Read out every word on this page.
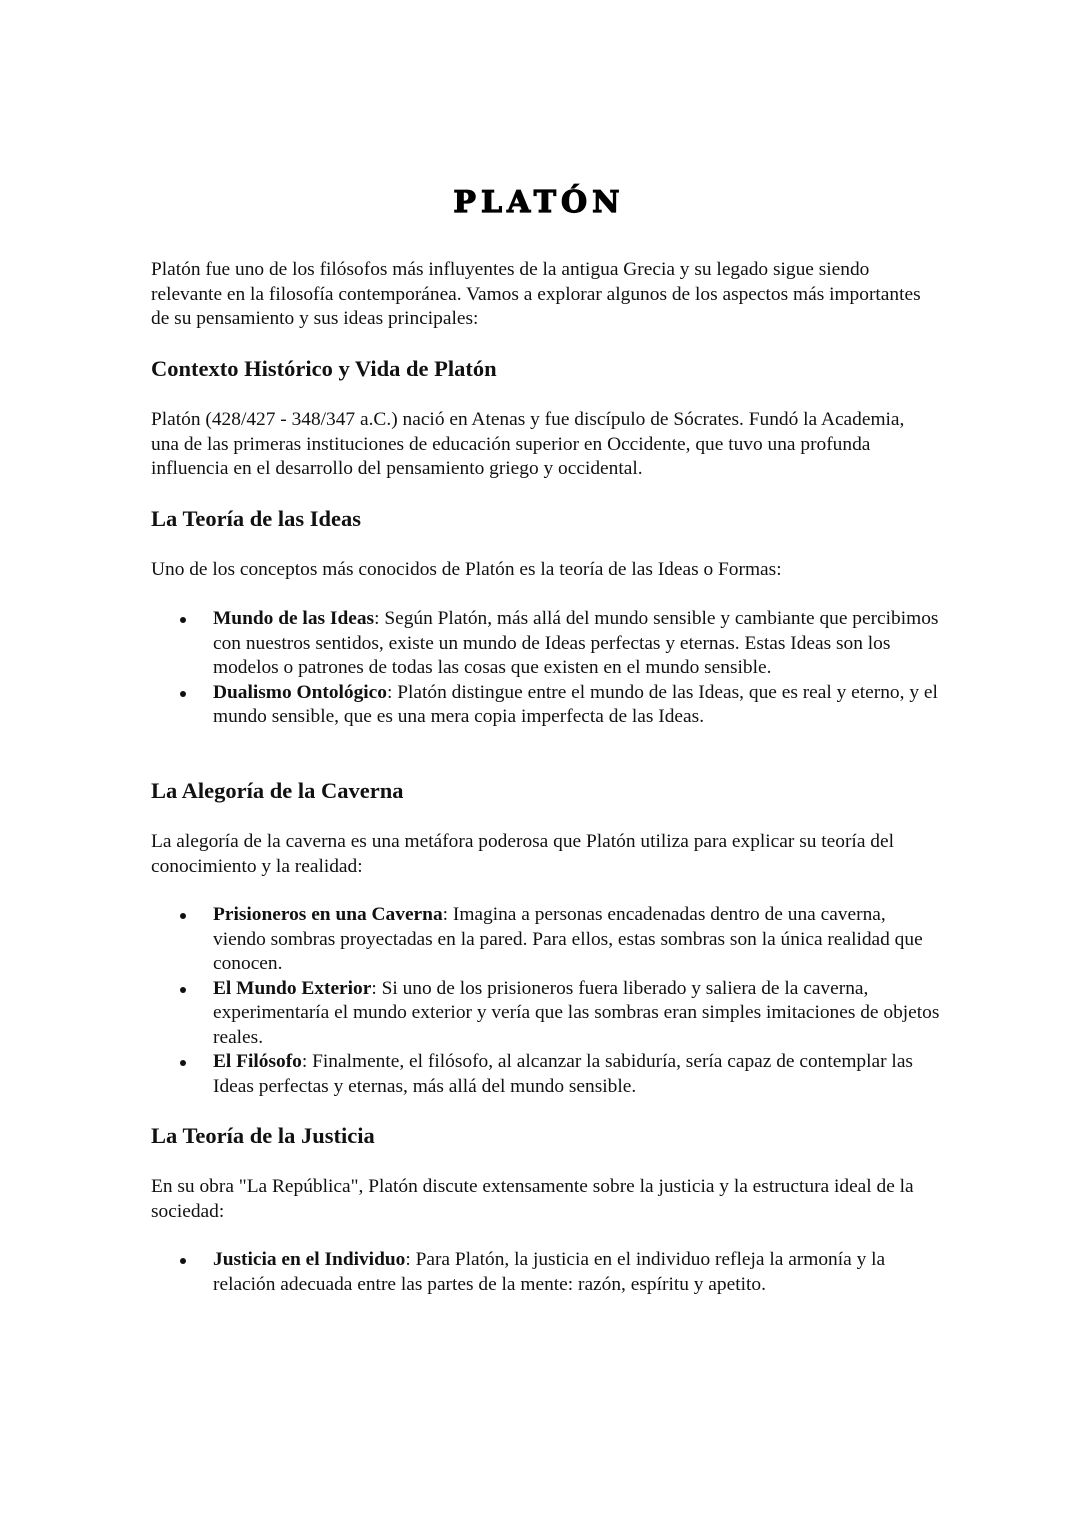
PLATÓN

Platón fue uno de los filósofos más influyentes de la antigua Grecia y su legado sigue siendo relevante en la filosofía contemporánea. Vamos a explorar algunos de los aspectos más importantes de su pensamiento y sus ideas principales:

Contexto Histórico y Vida de Platón

Platón (428/427 - 348/347 a.C.) nació en Atenas y fue discípulo de Sócrates. Fundó la Academia, una de las primeras instituciones de educación superior en Occidente, que tuvo una profunda influencia en el desarrollo del pensamiento griego y occidental.

La Teoría de las Ideas

Uno de los conceptos más conocidos de Platón es la teoría de las Ideas o Formas:

Mundo de las Ideas: Según Platón, más allá del mundo sensible y cambiante que percibimos con nuestros sentidos, existe un mundo de Ideas perfectas y eternas. Estas Ideas son los modelos o patrones de todas las cosas que existen en el mundo sensible.
Dualismo Ontológico: Platón distingue entre el mundo de las Ideas, que es real y eterno, y el mundo sensible, que es una mera copia imperfecta de las Ideas.
La Alegoría de la Caverna

La alegoría de la caverna es una metáfora poderosa que Platón utiliza para explicar su teoría del conocimiento y la realidad:

Prisioneros en una Caverna: Imagina a personas encadenadas dentro de una caverna, viendo sombras proyectadas en la pared. Para ellos, estas sombras son la única realidad que conocen.
El Mundo Exterior: Si uno de los prisioneros fuera liberado y saliera de la caverna, experimentaría el mundo exterior y vería que las sombras eran simples imitaciones de objetos reales.
El Filósofo: Finalmente, el filósofo, al alcanzar la sabiduría, sería capaz de contemplar las Ideas perfectas y eternas, más allá del mundo sensible.
La Teoría de la Justicia

En su obra "La República", Platón discute extensamente sobre la justicia y la estructura ideal de la sociedad:

Justicia en el Individuo: Para Platón, la justicia en el individuo refleja la armonía y la relación adecuada entre las partes de la mente: razón, espíritu y apetito.
